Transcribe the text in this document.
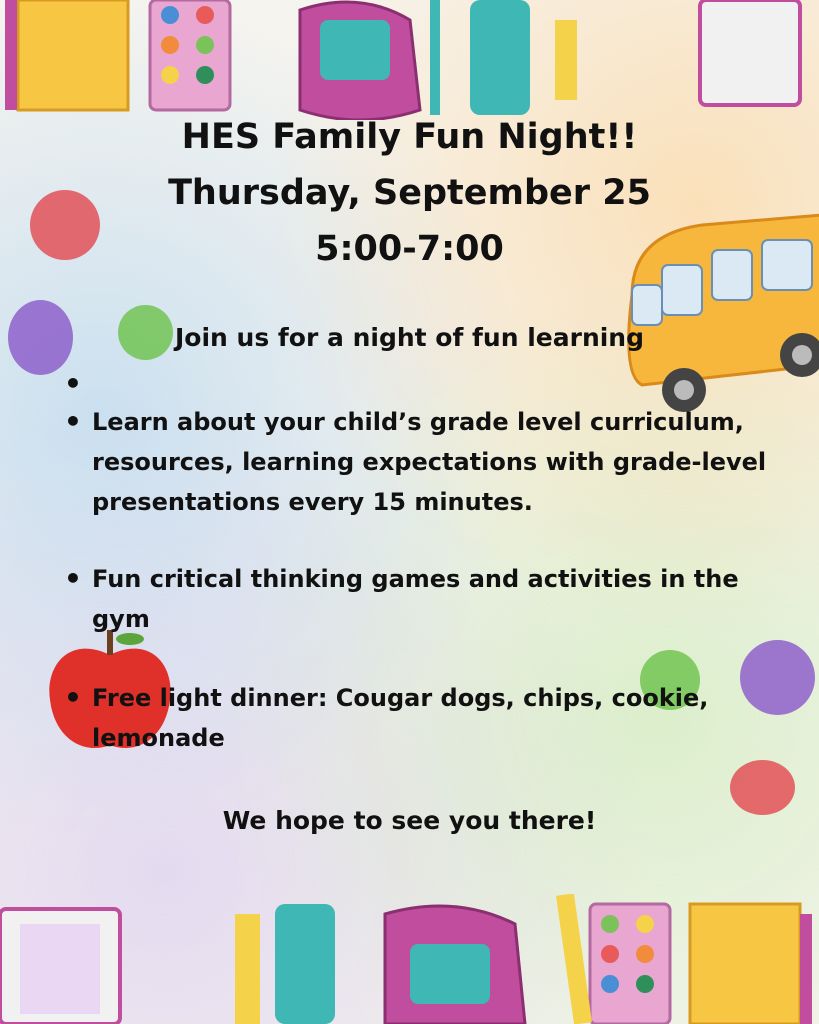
HES Family Fun Night!!
Thursday, September 25
5:00-7:00
Join us for a night of fun learning
• Learn about your child’s grade level curriculum, resources, learning expectations with grade-level presentations every 15 minutes.
• Fun critical thinking games and activities in the gym
• Free light dinner: Cougar dogs, chips, cookie, lemonade
We hope to see you there!
